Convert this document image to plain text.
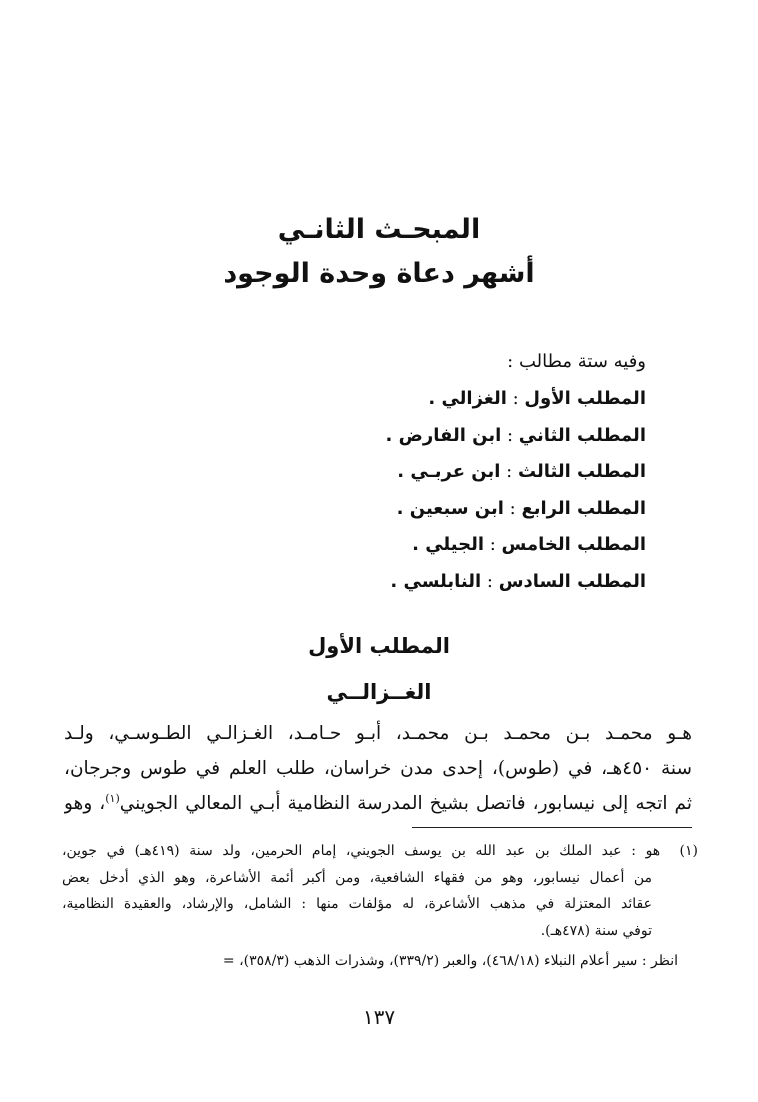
المبحـث الثانـي
أشهر دعاة وحدة الوجود
وفيه ستة مطالب :
المطلب الأول : الغزالي .
المطلب الثاني : ابن الفارض .
المطلب الثالث : ابن عربـي .
المطلب الرابع : ابن سبعين .
المطلب الخامس : الجيلي .
المطلب السادس : النابلسي .
المطلب الأول
الغــزالــي
هـو محمـد بـن محمـد بـن محمـد، أبـو حـامـد، الغـزالـي الطـوسـي، ولـد
سنة ٤٥٠هـ، في (طوس)، إحدى مدن خراسان، طلب العلم في طوس وجرجان،
ثم اتجه إلى نيسابور، فاتصل بشيخ المدرسة النظامية أبـي المعالي الجويني$^{(١)}$، وهو
(١)  هو : عبد الملك بن عبد الله بن يوسف الجويني، إمام الحرمين، ولد سنة (٤١٩هـ) في جوين،
من أعمال نيسابور، وهو من فقهاء الشافعية، ومن أكبر أئمة الأشاعرة، وهو الذي أدخل بعض
عقائد المعتزلة في مذهب الأشاعرة، له مؤلفات منها : الشامل، والإرشاد، والعقيدة النظامية،
توفي سنة (٤٧٨هـ).
انظر : سير أعلام النبلاء (٤٦٨/١٨)، والعبر (٣٣٩/٢)، وشذرات الذهب (٣٥٨/٣)، =
١٣٧
